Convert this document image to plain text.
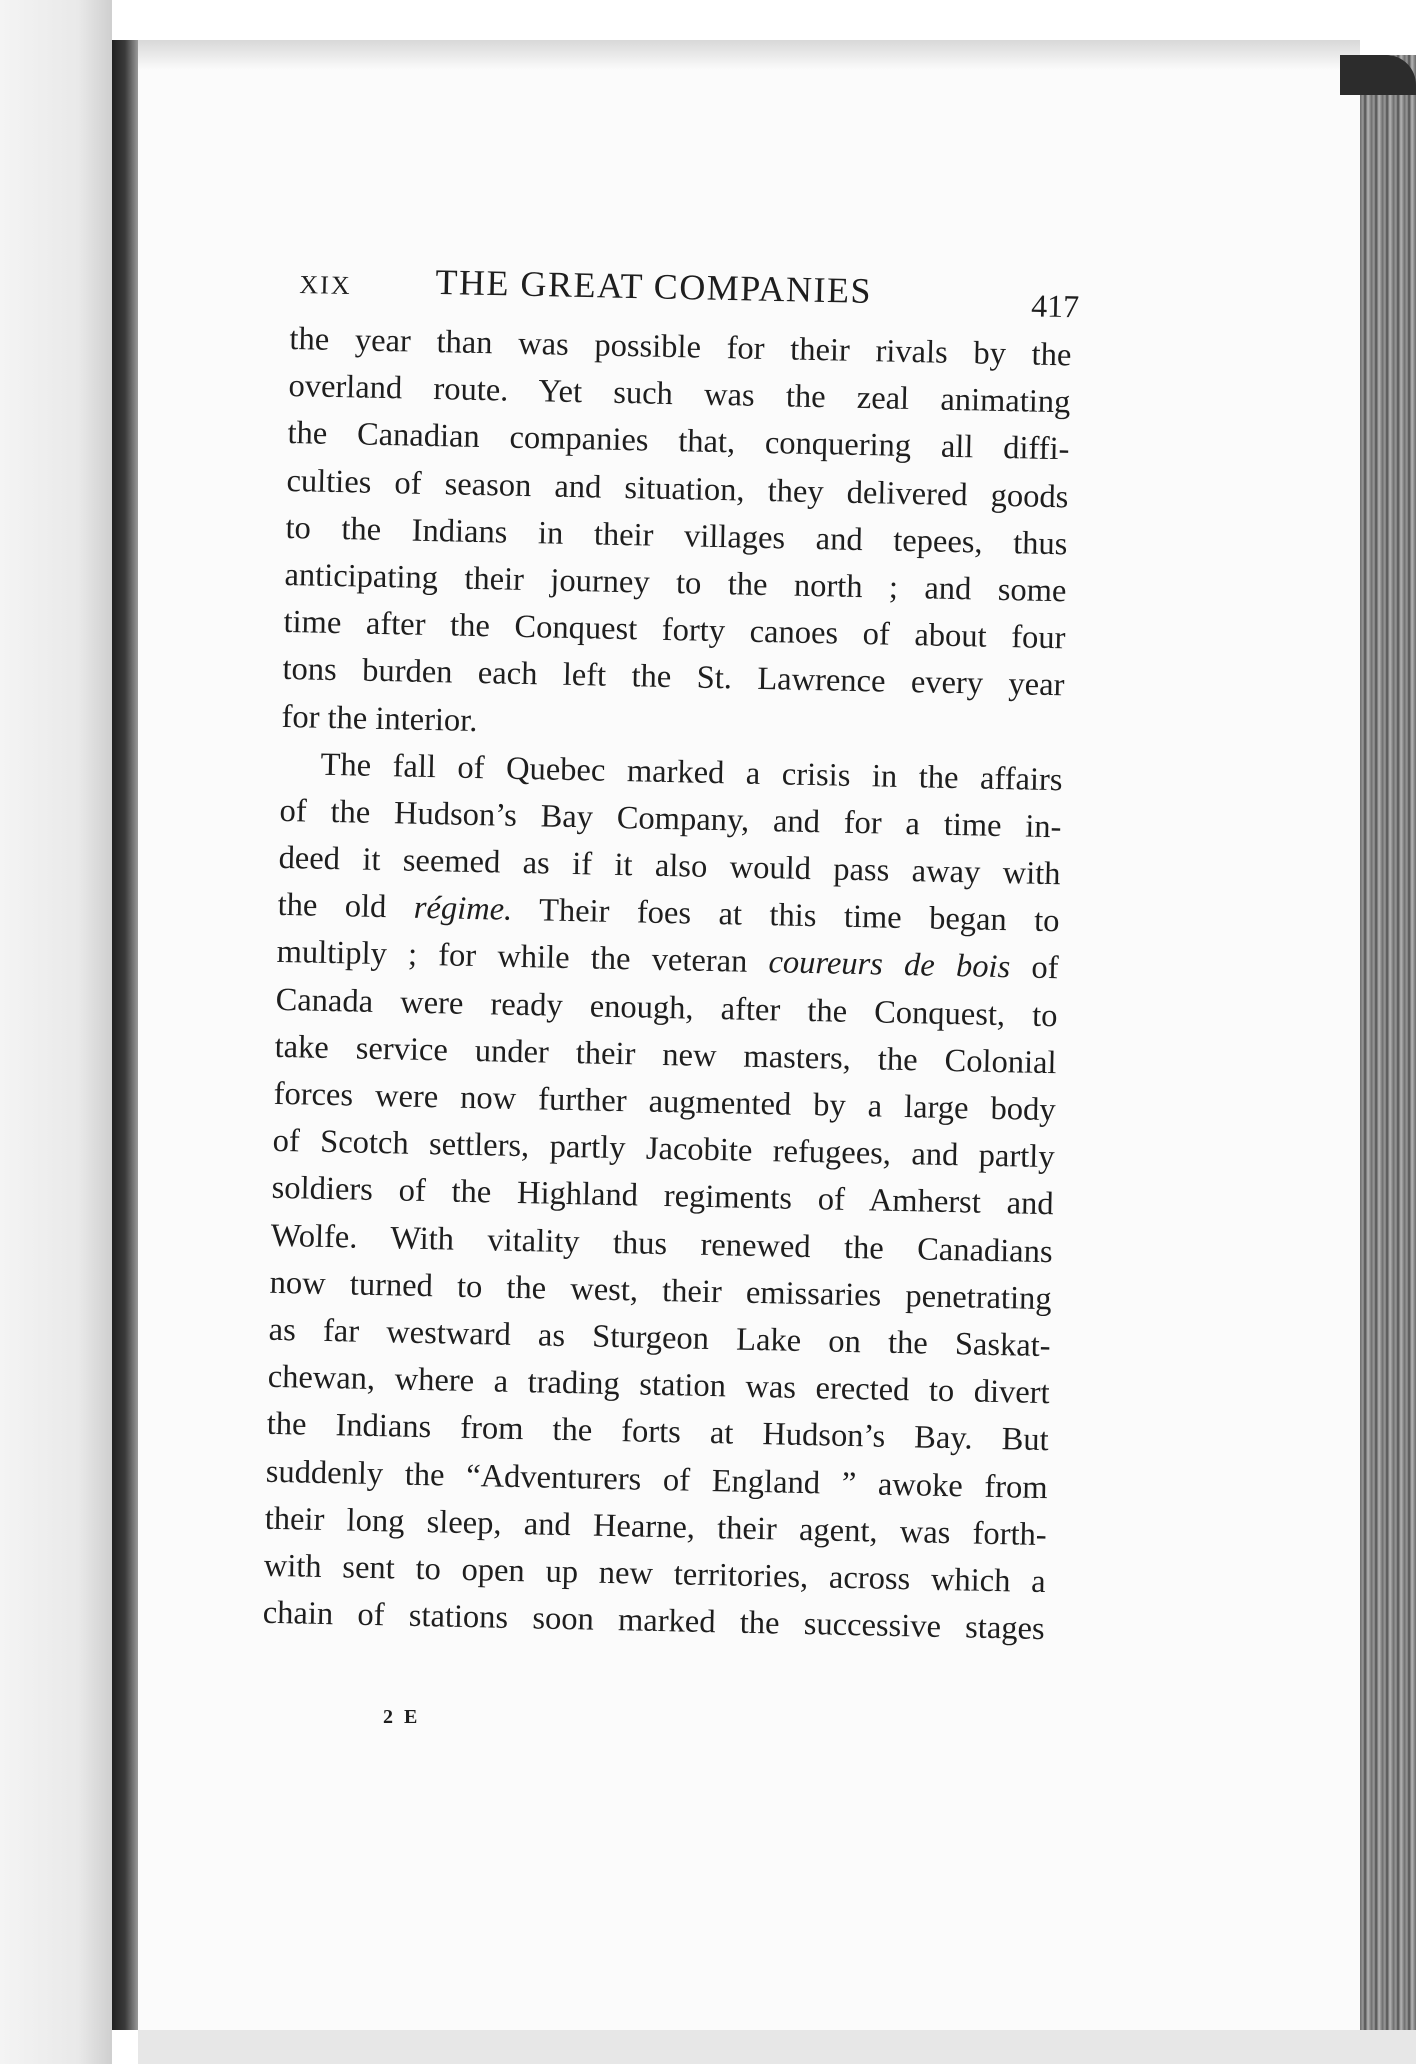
XIX THE GREAT COMPANIES	417
the year than was possible for their rivals by the
overland route. Yet such was the zeal animating
the Canadian companies that, conquering all diffi-
culties of season and situation, they delivered goods
to the Indians in their villages and tepees, thus
anticipating their journey to the north ; and some
time after the Conquest forty canoes of about four
tons burden each left the St. Lawrence every year
for the interior.
The fall of Quebec marked a crisis in the affairs
of the Hudson’s Bay Company, and for a time in-
deed it seemed as if it also would pass away with
the old régime. Their foes at this time began to
multiply ; for while the veteran coureurs de bois of
Canada were ready enough, after the Conquest, to
take service under their new masters, the Colonial
forces were now further augmented by a large body
of Scotch settlers, partly Jacobite refugees, and partly
soldiers of the Highland regiments of Amherst and
Wolfe. With vitality thus renewed the Canadians
now turned to the west, their emissaries penetrating
as far westward as Sturgeon Lake on the Saskat-
chewan, where a trading station was erected to divert
the Indians from the forts at Hudson’s Bay. But
suddenly the “Adventurers of England ” awoke from
their long sleep, and Hearne, their agent, was forth-
with sent to open up new territories, across which a
chain of stations soon marked the successive stages
2 E
